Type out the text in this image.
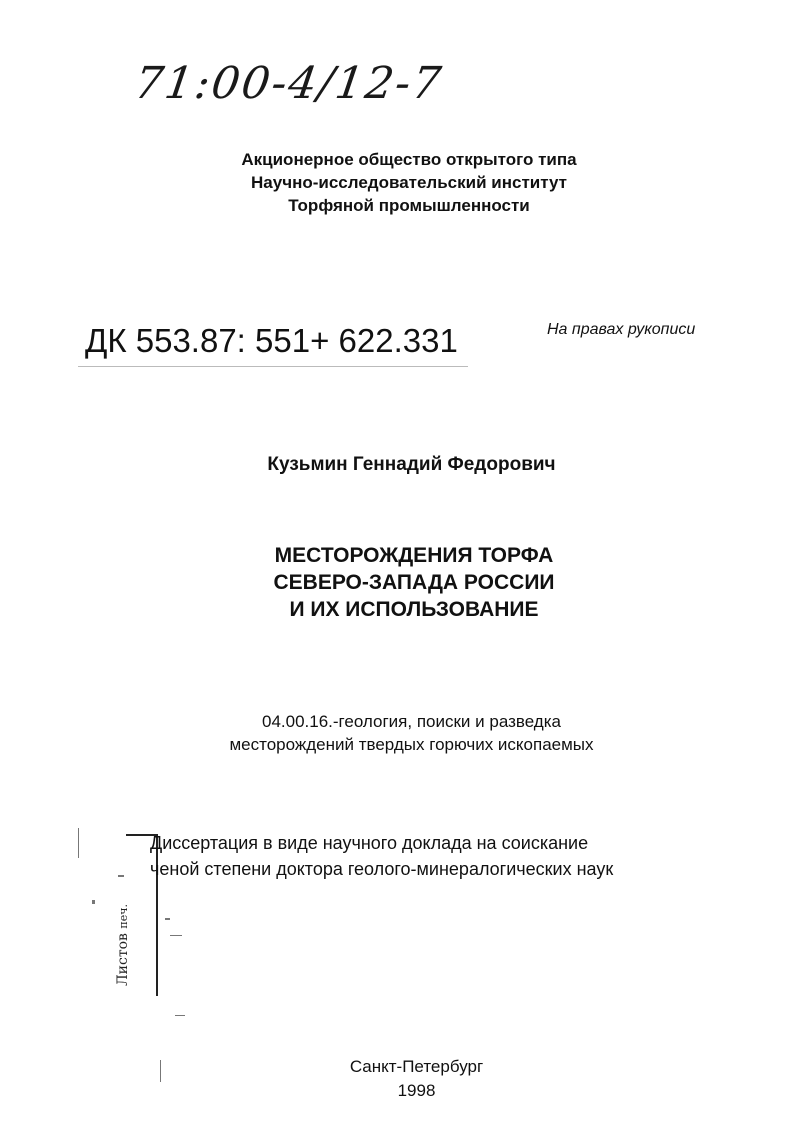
71:00-4/12-7
Акционерное общество открытого типа
Научно-исследовательский институт
Торфяной промышленности
ДК 553.87: 551+ 622.331	На правах рукописи
Кузьмин Геннадий Федорович
МЕСТОРОЖДЕНИЯ ТОРФА
СЕВЕРО-ЗАПАДА РОССИИ
И ИХ ИСПОЛЬЗОВАНИЕ
04.00.16.-геология, поиски и разведка
месторождений твердых горючих ископаемых
Диссертация в виде научного доклада на соискание
ченой степени доктора геолого-минералогических наук
Листов печ.
Санкт-Петербург
1998
